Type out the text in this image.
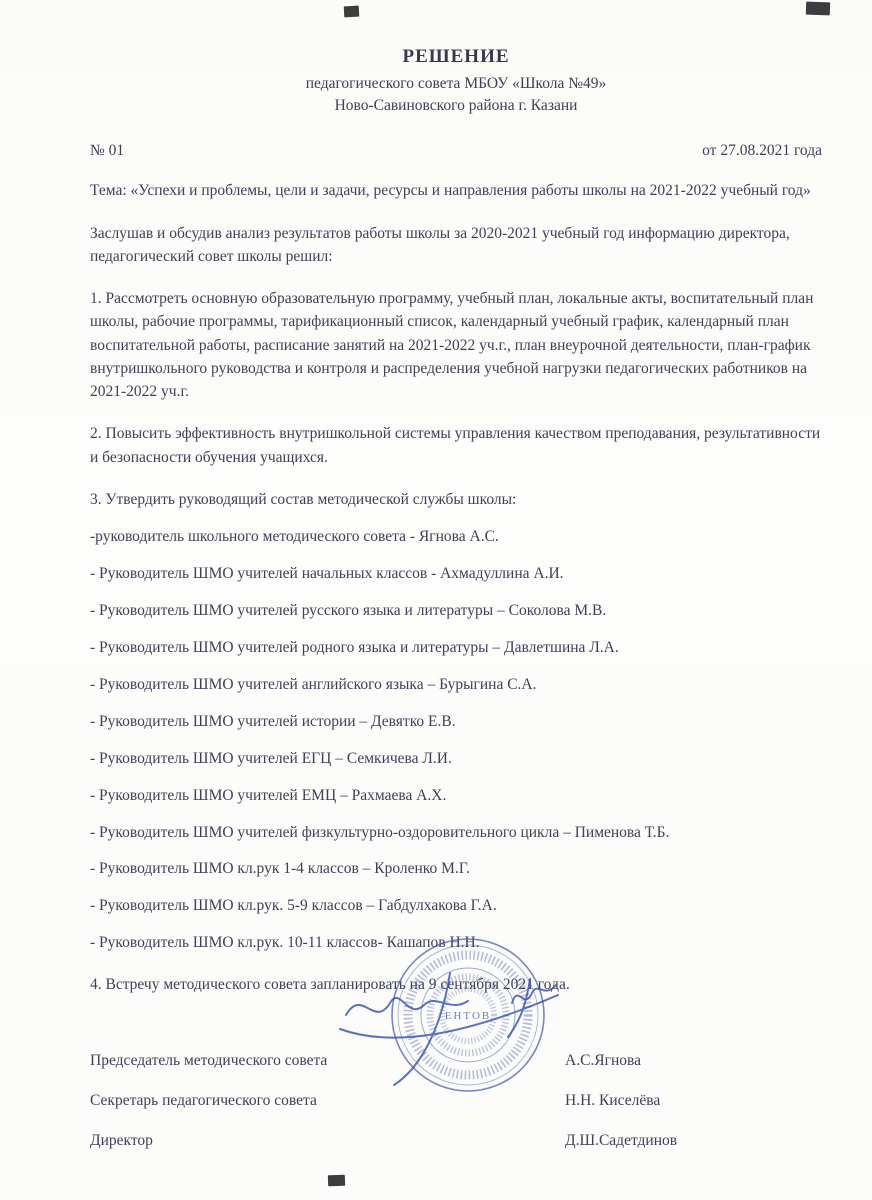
РЕШЕНИЕ
педагогического совета МБОУ «Школа №49»
Ново-Савиновского района г. Казани
№ 01	от 27.08.2021 года

Тема: «Успехи и проблемы, цели и задачи, ресурсы и направления работы школы на 2021-2022 учебный год»

Заслушав и обсудив анализ результатов работы школы за 2020-2021 учебный год информацию директора, педагогический совет школы решил:

1. Рассмотреть основную образовательную программу, учебный план, локальные акты, воспитательный план школы, рабочие программы, тарификационный список, календарный учебный график, календарный план воспитательной работы, расписание занятий на 2021-2022 уч.г., план внеурочной деятельности, план-график внутришкольного руководства и контроля и распределения учебной нагрузки педагогических работников на 2021-2022 уч.г.

2. Повысить эффективность внутришкольной системы управления качеством преподавания, результативности и безопасности обучения учащихся.

3. Утвердить руководящий состав методической службы школы:

-руководитель школьного методического совета - Ягнова А.С.

- Руководитель ШМО учителей начальных классов - Ахмадуллина А.И.

- Руководитель ШМО учителей русского языка и литературы – Соколова М.В.

- Руководитель ШМО учителей родного языка и литературы – Давлетшина Л.А.

- Руководитель ШМО учителей английского языка – Бурыгина С.А.

- Руководитель ШМО учителей истории – Девятко Е.В.

- Руководитель ШМО учителей ЕГЦ – Семкичева Л.И.

- Руководитель ШМО учителей ЕМЦ – Рахмаева А.Х.

- Руководитель ШМО учителей физкультурно-оздоровительного цикла – Пименова Т.Б.

- Руководитель ШМО кл.рук 1-4 классов – Кроленко М.Г.

- Руководитель ШМО кл.рук. 5-9 классов – Габдулхакова Г.А.

- Руководитель ШМО кл.рук. 10-11 классов- Кашапов Н.Н.

4. Встречу методического совета запланировать на 9 сентября 2021 года.

Председатель методического совета	А.С.Ягнова
Секретарь педагогического совета	Н.Н. Киселёва
Директор	Д.Ш.Садетдинов
ЕНТОВ
